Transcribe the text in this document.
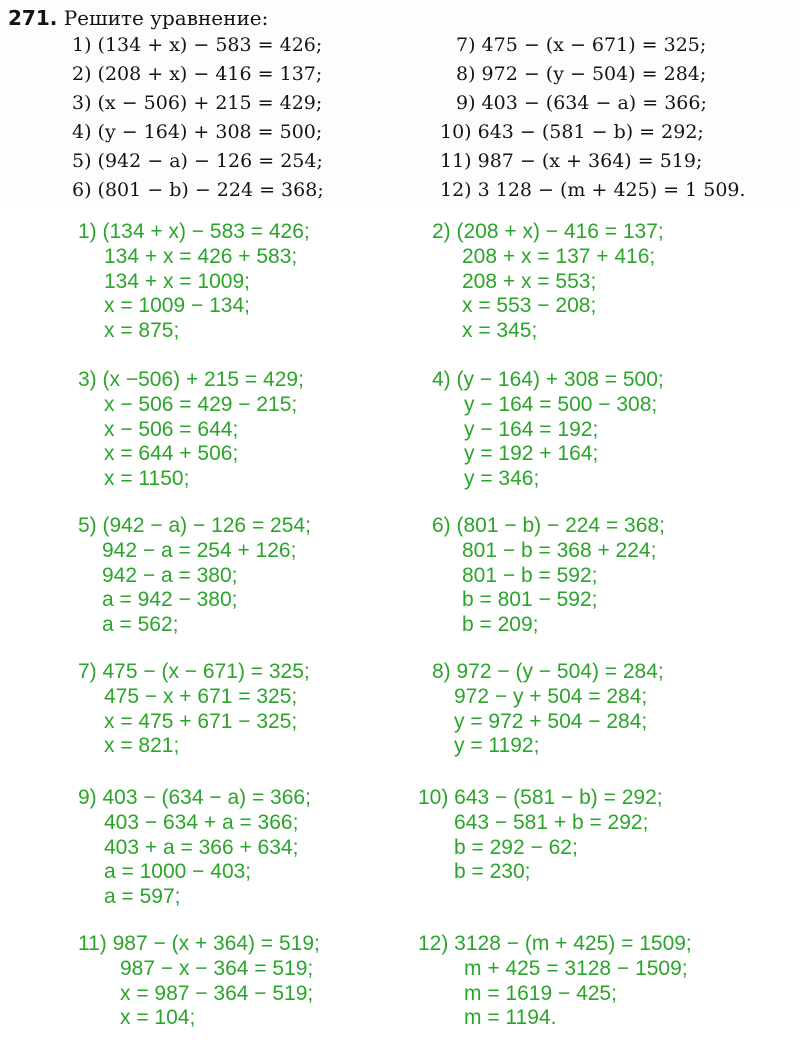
271. Решите уравнение:
1) (134 + x) − 583 = 426;
2) (208 + x) − 416 = 137;
3) (x − 506) + 215 = 429;
4) (y − 164) + 308 = 500;
5) (942 − a) − 126 = 254;
6) (801 − b) − 224 = 368;
7) 475 − (x − 671) = 325;
8) 972 − (y − 504) = 284;
9) 403 − (634 − a) = 366;
10) 643 − (581 − b) = 292;
11) 987 − (x + 364) = 519;
12) 3 128 − (m + 425) = 1 509.
1) (134 + x) − 583 = 426;
134 + x = 426 + 583;
134 + x = 1009;
x = 1009 − 134;
x = 875;
2) (208 + x) − 416 = 137;
208 + x = 137 + 416;
208 + x = 553;
x = 553 − 208;
x = 345;
3) (x −506) + 215 = 429;
x − 506 = 429 − 215;
x − 506 = 644;
x = 644 + 506;
x = 1150;
4) (y − 164) + 308 = 500;
y − 164 = 500 − 308;
y − 164 = 192;
y = 192 + 164;
y = 346;
5) (942 − a) − 126 = 254;
942 − a = 254 + 126;
942 − a = 380;
a = 942 − 380;
a = 562;
6) (801 − b) − 224 = 368;
801 − b = 368 + 224;
801 − b = 592;
b = 801 − 592;
b = 209;
7) 475 − (x − 671) = 325;
475 − x + 671 = 325;
x = 475 + 671 − 325;
x = 821;
8) 972 − (y − 504) = 284;
972 − y + 504 = 284;
y = 972 + 504 − 284;
y = 1192;
9) 403 − (634 − a) = 366;
403 − 634 + a = 366;
403 + a = 366 + 634;
a = 1000 − 403;
a = 597;
10) 643 − (581 − b) = 292;
643 − 581 + b = 292;
b = 292 − 62;
b = 230;
11) 987 − (x + 364) = 519;
987 − x − 364 = 519;
x = 987 − 364 − 519;
x = 104;
12) 3128 − (m + 425) = 1509;
m + 425 = 3128 − 1509;
m = 1619 − 425;
m = 1194.
